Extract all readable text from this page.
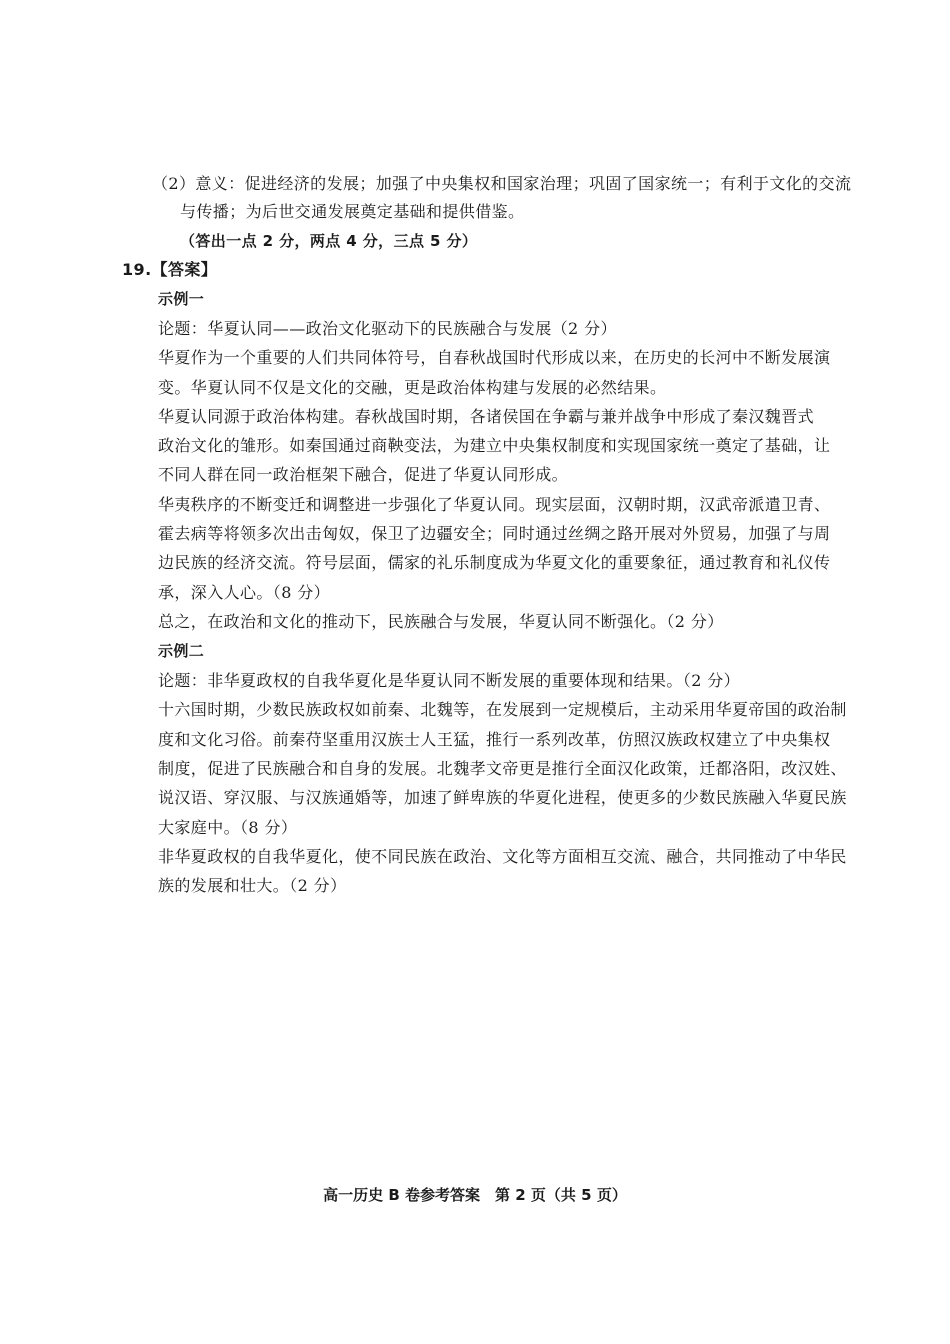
（2）意义：促进经济的发展；加强了中央集权和国家治理；巩固了国家统一；有利于文化的交流
与传播；为后世交通发展奠定基础和提供借鉴。
（答出一点 2 分，两点 4 分，三点 5 分）
19.【答案】
示例一
论题：华夏认同——政治文化驱动下的民族融合与发展（2 分）
华夏作为一个重要的人们共同体符号，自春秋战国时代形成以来，在历史的长河中不断发展演
变。华夏认同不仅是文化的交融，更是政治体构建与发展的必然结果。
华夏认同源于政治体构建。春秋战国时期，各诸侯国在争霸与兼并战争中形成了秦汉魏晋式
政治文化的雏形。如秦国通过商鞅变法，为建立中央集权制度和实现国家统一奠定了基础，让
不同人群在同一政治框架下融合，促进了华夏认同形成。
华夷秩序的不断变迁和调整进一步强化了华夏认同。现实层面，汉朝时期，汉武帝派遣卫青、
霍去病等将领多次出击匈奴，保卫了边疆安全；同时通过丝绸之路开展对外贸易，加强了与周
边民族的经济交流。符号层面，儒家的礼乐制度成为华夏文化的重要象征，通过教育和礼仪传
承，深入人心。（8 分）
总之，在政治和文化的推动下，民族融合与发展，华夏认同不断强化。（2 分）
示例二
论题：非华夏政权的自我华夏化是华夏认同不断发展的重要体现和结果。（2 分）
十六国时期，少数民族政权如前秦、北魏等，在发展到一定规模后，主动采用华夏帝国的政治制
度和文化习俗。前秦苻坚重用汉族士人王猛，推行一系列改革，仿照汉族政权建立了中央集权
制度，促进了民族融合和自身的发展。北魏孝文帝更是推行全面汉化政策，迁都洛阳，改汉姓、
说汉语、穿汉服、与汉族通婚等，加速了鲜卑族的华夏化进程，使更多的少数民族融入华夏民族
大家庭中。（8 分）
非华夏政权的自我华夏化，使不同民族在政治、文化等方面相互交流、融合，共同推动了中华民
族的发展和壮大。（2 分）
高一历史 B 卷参考答案　第 2 页（共 5 页）
